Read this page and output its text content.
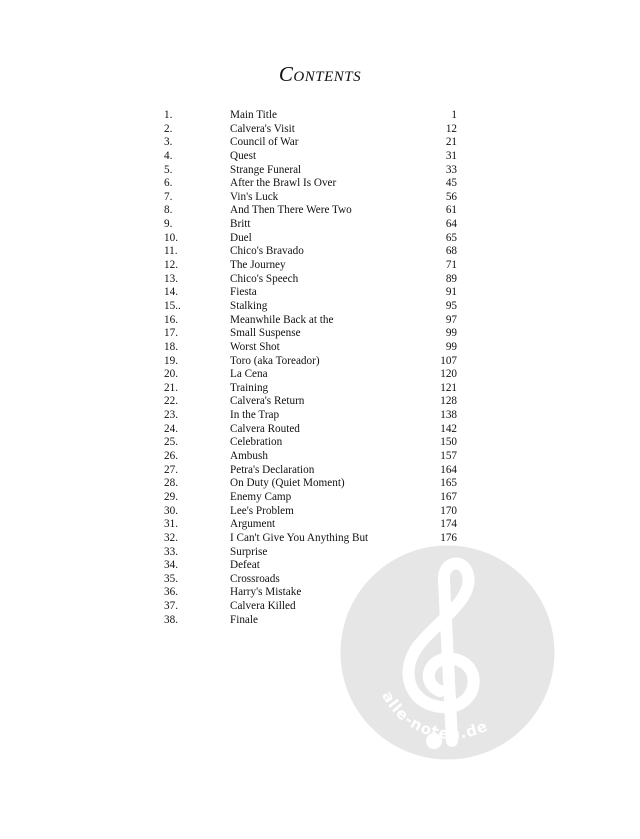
Contents
1.	Main Title	1
2.	Calvera's Visit	12
3.	Council of War	21
4.	Quest	31
5.	Strange Funeral	33
6.	After the Brawl Is Over	45
7.	Vin's Luck	56
8.	And Then There Were Two	61
9.	Britt	64
10.	Duel	65
11.	Chico's Bravado	68
12.	The Journey	71
13.	Chico's Speech	89
14.	Fiesta	91
15..	Stalking	95
16.	Meanwhile Back at the	97
17.	Small Suspense	99
18.	Worst Shot	99
19.	Toro (aka Toreador)	107
20.	La Cena	120
21.	Training	121
22.	Calvera's Return	128
23.	In the Trap	138
24.	Calvera Routed	142
25.	Celebration	150
26.	Ambush	157
27.	Petra's Declaration	164
28.	On Duty (Quiet Moment)	165
29.	Enemy Camp	167
30.	Lee's Problem	170
31.	Argument	174
32.	I Can't Give You Anything But	176
33.	Surprise
34.	Defeat
35.	Crossroads
36.	Harry's Mistake
37.	Calvera Killed
38.	Finale
alle-noten.de
